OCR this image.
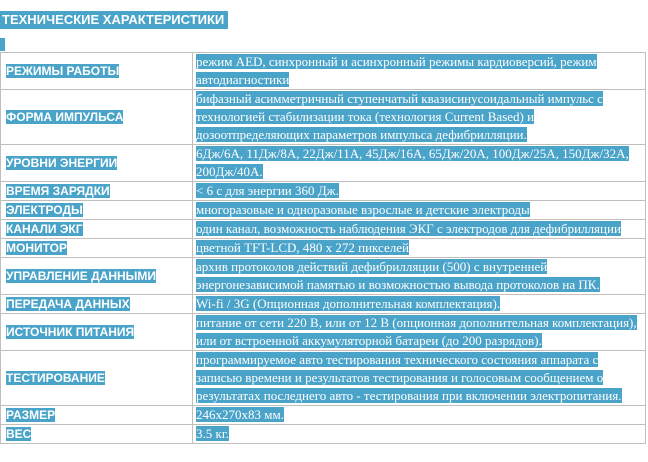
ТЕХНИЧЕСКИЕ ХАРАКТЕРИСТИКИ
РЕЖИМЫ РАБОТЫ	режим AED, синхронный и асинхронный режимы кардиоверсий, режим автодиагностики
ФОРМА ИМПУЛЬСА	бифазный асимметричный ступенчатый квазисинусоидальный импульс с технологией стабилизации тока (технология Current Based) и дозоотпределяющих параметров импульса дефибрилляции.
УРОВНИ ЭНЕРГИИ	6Дж/6А, 11Дж/8А, 22Дж/11А, 45Дж/16А, 65Дж/20А, 100Дж/25А, 150Дж/32А, 200Дж/40А.
ВРЕМЯ ЗАРЯДКИ	< 6 с для энергии 360 Дж.
ЭЛЕКТРОДЫ	многоразовые и одноразовые взрослые и детские электроды
КАНАЛИ ЭКГ	один канал, возможность наблюдения ЭКГ с электродов для дефибрилляции
МОНИТОР	цветной TFT-LCD, 480 x 272 пикселей
УПРАВЛЕНИЕ ДАННЫМИ	архив протоколов действий дефибрилляции (500) с внутренней энергонезависимой памятью и возможностью вывода протоколов на ПК.
ПЕРЕДАЧА ДАННЫХ	Wi-fi / 3G (Опционная дополнительная комплектация).
ИСТОЧНИК ПИТАНИЯ	питание от сети 220 В, или от 12 В (опционная дополнительная комплектация), или от встроенной аккумуляторной батареи (до 200 разрядов).
ТЕСТИРОВАНИЕ	программируемое авто тестирования технического состояния аппарата с записью времени и результатов тестирования и голосовым сообщением о результатах последнего авто - тестирования при включении электропитания.
РАЗМЕР	246x270x83 мм.
ВЕС	3.5 кг.
